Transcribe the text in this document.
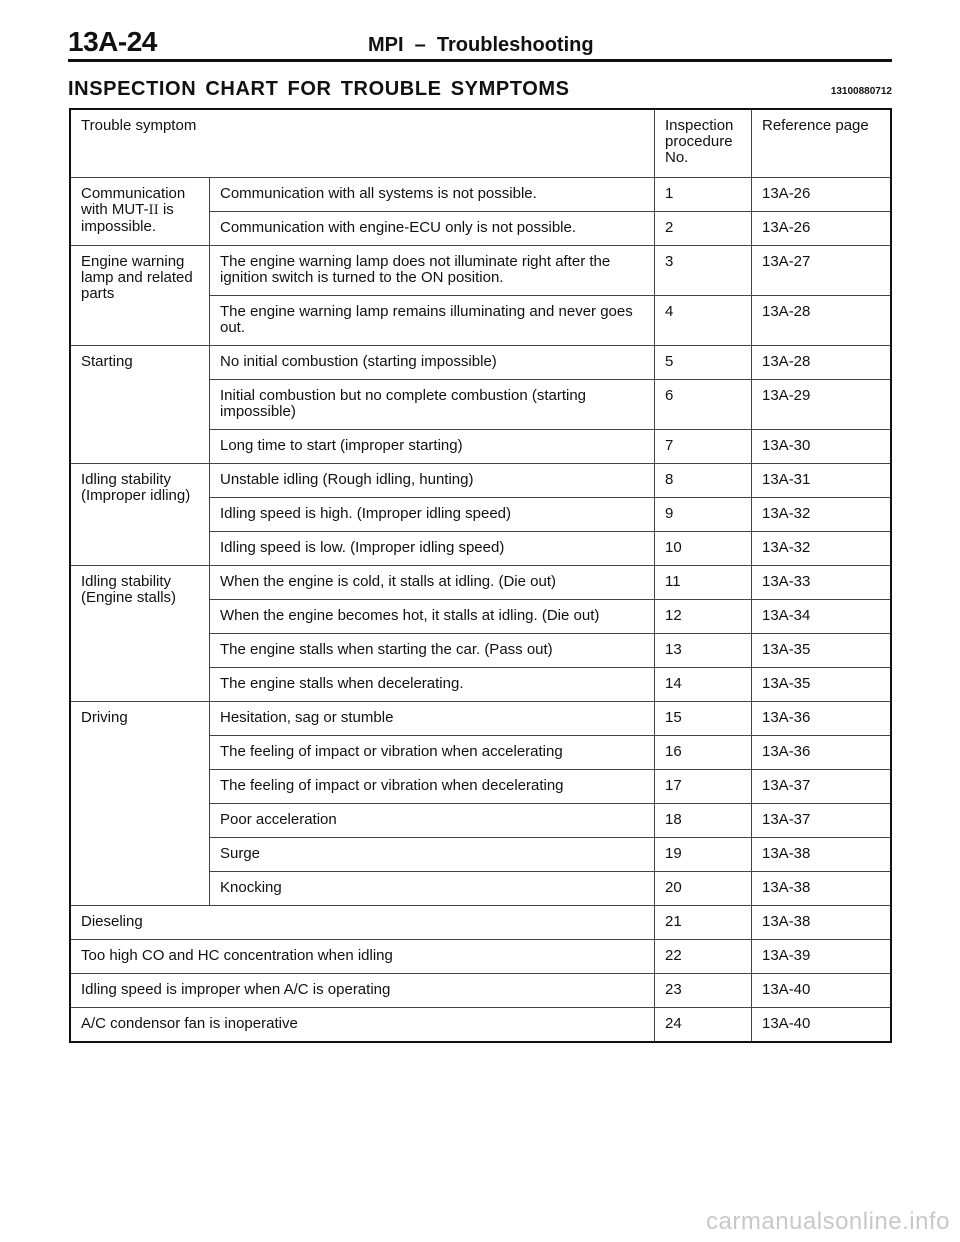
13A-24	MPI  –  Troubleshooting
INSPECTION CHART FOR TROUBLE SYMPTOMS	13100880712
Trouble symptom		Inspection procedure No.	Reference page
Communication with MUT-II is impossible.	Communication with all systems is not possible.	1	13A-26
	Communication with engine-ECU only is not possible.	2	13A-26
Engine warning lamp and related parts	The engine warning lamp does not illuminate right after the ignition switch is turned to the ON position.	3	13A-27
	The engine warning lamp remains illuminating and never goes out.	4	13A-28
Starting	No initial combustion (starting impossible)	5	13A-28
	Initial combustion but no complete combustion (starting impossible)	6	13A-29
	Long time to start (improper starting)	7	13A-30
Idling stability (Improper idling)	Unstable idling (Rough idling, hunting)	8	13A-31
	Idling speed is high. (Improper idling speed)	9	13A-32
	Idling speed is low. (Improper idling speed)	10	13A-32
Idling stability (Engine stalls)	When the engine is cold, it stalls at idling. (Die out)	11	13A-33
	When the engine becomes hot, it stalls at idling. (Die out)	12	13A-34
	The engine stalls when starting the car. (Pass out)	13	13A-35
	The engine stalls when decelerating.	14	13A-35
Driving	Hesitation, sag or stumble	15	13A-36
	The feeling of impact or vibration when accelerating	16	13A-36
	The feeling of impact or vibration when decelerating	17	13A-37
	Poor acceleration	18	13A-37
	Surge	19	13A-38
	Knocking	20	13A-38
Dieseling		21	13A-38
Too high CO and HC concentration when idling		22	13A-39
Idling speed is improper when A/C is operating		23	13A-40
A/C condensor fan is inoperative		24	13A-40
carmanualsonline.info
